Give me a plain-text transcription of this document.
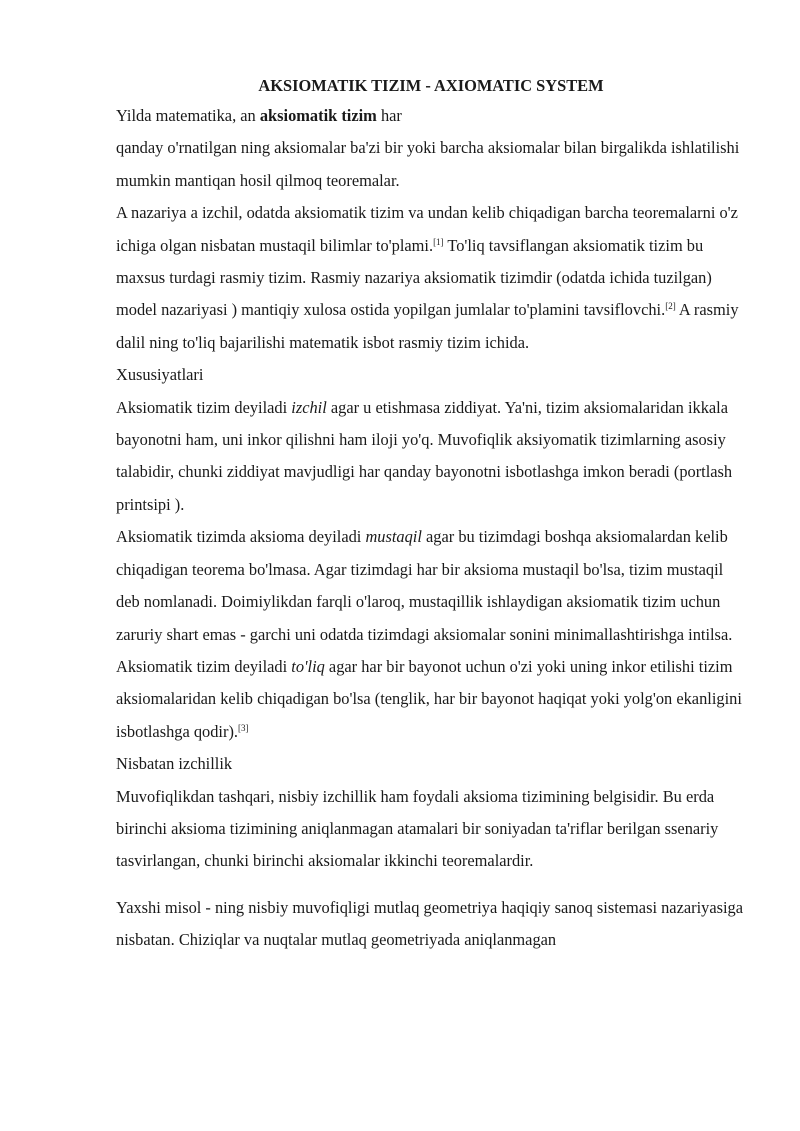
AKSIOMATIK TIZIM - AXIOMATIC SYSTEM

Yilda matematika, an aksiomatik tizim har

qanday o'rnatilgan ning aksiomalar ba'zi bir yoki barcha aksiomalar bilan birgalikda ishlatilishi mumkin mantiqan hosil qilmoq teoremalar.

A nazariya a izchil, odatda aksiomatik tizim va undan kelib chiqadigan barcha teoremalarni o'z ichiga olgan nisbatan mustaqil bilimlar to'plami.[1] To'liq tavsiflangan aksiomatik tizim bu maxsus turdagi rasmiy tizim. Rasmiy nazariya aksiomatik tizimdir (odatda ichida tuzilgan) model nazariyasi ) mantiqiy xulosa ostida yopilgan jumlalar to'plamini tavsiflovchi.[2] A rasmiy dalil ning to'liq bajarilishi matematik isbot rasmiy tizim ichida.

Xususiyatlari

Aksiomatik tizim deyiladi izchil agar u etishmasa ziddiyat. Ya'ni, tizim aksiomalaridan ikkala bayonotni ham, uni inkor qilishni ham iloji yo'q. Muvofiqlik aksiyomatik tizimlarning asosiy talabidir, chunki ziddiyat mavjudligi har qanday bayonotni isbotlashga imkon beradi (portlash printsipi ).

Aksiomatik tizimda aksioma deyiladi mustaqil agar bu tizimdagi boshqa aksiomalardan kelib chiqadigan teorema bo'lmasa. Agar tizimdagi har bir aksioma mustaqil bo'lsa, tizim mustaqil deb nomlanadi. Doimiylikdan farqli o'laroq, mustaqillik ishlaydigan aksiomatik tizim uchun zaruriy shart emas - garchi uni odatda tizimdagi aksiomalar sonini minimallashtirishga intilsa.

Aksiomatik tizim deyiladi to'liq agar har bir bayonot uchun o'zi yoki uning inkor etilishi tizim aksiomalaridan kelib chiqadigan bo'lsa (tenglik, har bir bayonot haqiqat yoki yolg'on ekanligini isbotlashga qodir).[3]

Nisbatan izchillik

Muvofiqlikdan tashqari, nisbiy izchillik ham foydali aksioma tizimining belgisidir. Bu erda birinchi aksioma tizimining aniqlanmagan atamalari bir soniyadan ta'riflar berilgan ssenariy tasvirlangan, chunki birinchi aksiomalar ikkinchi teoremalardir.

Yaxshi misol - ning nisbiy muvofiqligi mutlaq geometriya haqiqiy sanoq sistemasi nazariyasiga nisbatan. Chiziqlar va nuqtalar mutlaq geometriyada aniqlanmagan
